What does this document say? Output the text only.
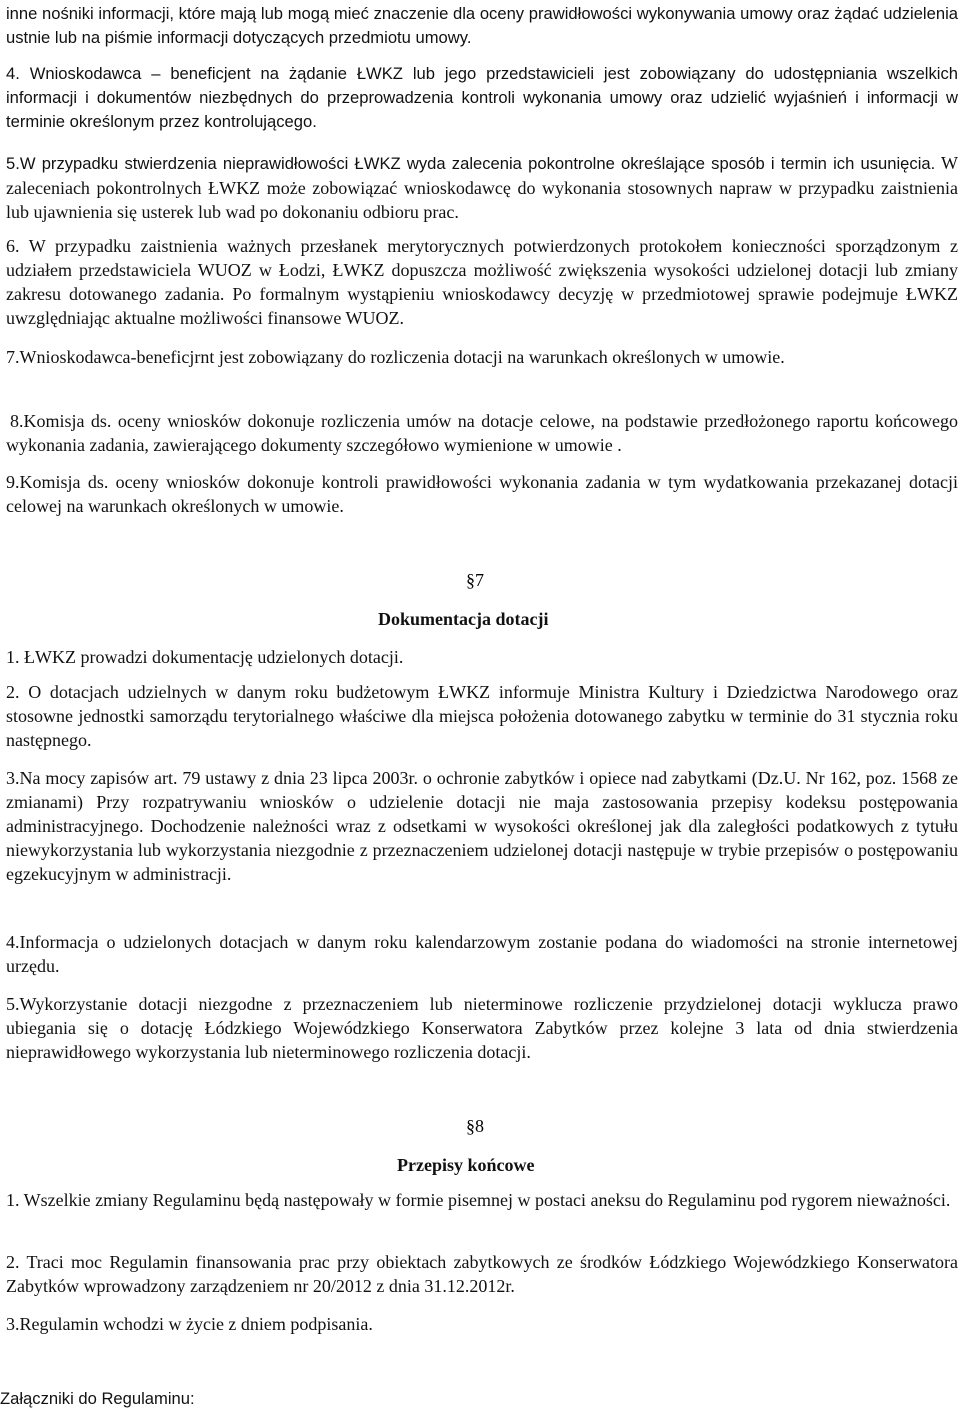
inne nośniki informacji, które mają lub mogą mieć znaczenie dla oceny prawidłowości wykonywania umowy oraz żądać udzielenia ustnie lub na piśmie informacji dotyczących przedmiotu umowy.

4. Wnioskodawca – beneficjent na żądanie ŁWKZ lub jego przedstawicieli jest zobowiązany do udostępniania wszelkich informacji i dokumentów niezbędnych do przeprowadzenia kontroli wykonania umowy oraz udzielić wyjaśnień i informacji w terminie określonym przez kontrolującego.

5.W przypadku stwierdzenia nieprawidłowości ŁWKZ wyda zalecenia pokontrolne określające sposób i termin ich usunięcia. W zaleceniach pokontrolnych ŁWKZ może zobowiązać wnioskodawcę do wykonania stosownych napraw w przypadku zaistnienia lub ujawnienia się usterek lub wad po dokonaniu odbioru prac.

6. W przypadku zaistnienia ważnych przesłanek merytorycznych potwierdzonych protokołem konieczności sporządzonym z udziałem przedstawiciela WUOZ w Łodzi, ŁWKZ dopuszcza możliwość zwiększenia wysokości udzielonej dotacji lub zmiany zakresu dotowanego zadania. Po formalnym wystąpieniu wnioskodawcy decyzję w przedmiotowej sprawie podejmuje ŁWKZ uwzględniając aktualne możliwości finansowe WUOZ.

7.Wnioskodawca-beneficjrnt jest zobowiązany do rozliczenia dotacji na warunkach określonych w umowie.

8.Komisja ds. oceny wniosków dokonuje rozliczenia umów na dotacje celowe, na podstawie przedłożonego raportu końcowego wykonania zadania, zawierającego dokumenty szczegółowo wymienione w umowie .

9.Komisja ds. oceny wniosków dokonuje kontroli prawidłowości wykonania zadania w tym wydatkowania przekazanej dotacji celowej na warunkach określonych w umowie.

§7
Dokumentacja dotacji

1. ŁWKZ prowadzi dokumentację udzielonych dotacji.

2. O dotacjach udzielnych w danym roku budżetowym ŁWKZ informuje Ministra Kultury i Dziedzictwa Narodowego oraz stosowne jednostki samorządu terytorialnego właściwe dla miejsca położenia dotowanego zabytku w terminie do 31 stycznia roku następnego.

3.Na mocy zapisów art. 79 ustawy z dnia 23 lipca 2003r. o ochronie zabytków i opiece nad zabytkami (Dz.U. Nr 162, poz. 1568 ze zmianami) Przy rozpatrywaniu wniosków o udzielenie dotacji nie maja zastosowania przepisy kodeksu postępowania administracyjnego. Dochodzenie należności wraz z odsetkami w wysokości określonej jak dla zaległości podatkowych z tytułu niewykorzystania lub wykorzystania niezgodnie z przeznaczeniem udzielonej dotacji następuje w trybie przepisów o postępowaniu egzekucyjnym w administracji.

4.Informacja o udzielonych dotacjach w danym roku kalendarzowym zostanie podana do wiadomości na stronie internetowej urzędu.

5.Wykorzystanie dotacji niezgodne z przeznaczeniem lub nieterminowe rozliczenie przydzielonej dotacji wyklucza prawo ubiegania się o dotację Łódzkiego Wojewódzkiego Konserwatora Zabytków przez kolejne 3 lata od dnia stwierdzenia nieprawidłowego wykorzystania lub nieterminowego rozliczenia dotacji.

§8
Przepisy końcowe

1. Wszelkie zmiany Regulaminu będą następowały w formie pisemnej w postaci aneksu do Regulaminu pod rygorem nieważności.

2. Traci moc Regulamin finansowania prac przy obiektach zabytkowych ze środków Łódzkiego Wojewódzkiego Konserwatora Zabytków wprowadzony zarządzeniem nr 20/2012 z dnia 31.12.2012r.

3.Regulamin wchodzi w życie z dniem podpisania.

Załączniki do Regulaminu:
